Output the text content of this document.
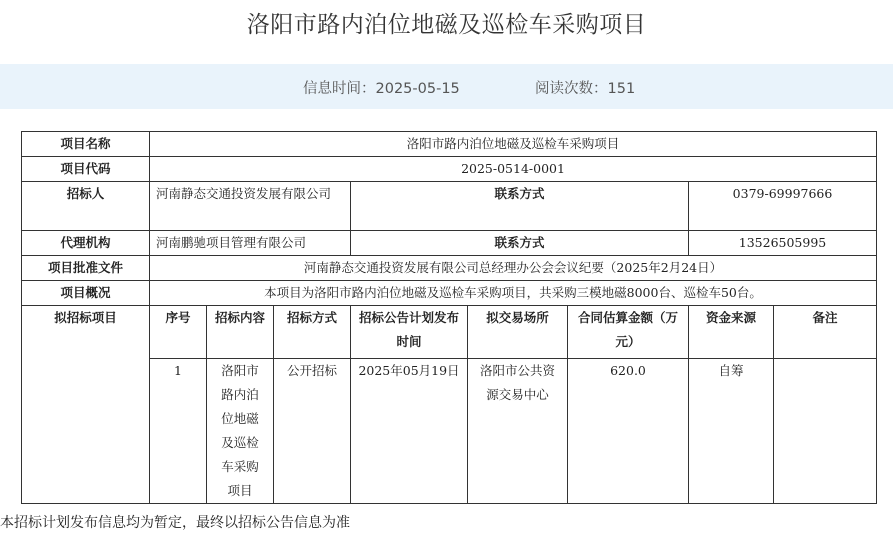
洛阳市路内泊位地磁及巡检车采购项目
信息时间：2025-05-15	阅读次数：151
项目名称	洛阳市路内泊位地磁及巡检车采购项目							
项目代码	2025-0514-0001							
招标人	河南静态交通投资发展有限公司			联系方式			0379-69997666	
代理机构	河南鹏驰项目管理有限公司			联系方式			13526505995	
项目批准文件	河南静态交通投资发展有限公司总经理办公会会议纪要（2025年2月24日）							
项目概况	本项目为洛阳市路内泊位地磁及巡检车采购项目，共采购三模地磁8000台、巡检车50台。							
拟招标项目	序号	招标内容	招标方式	招标公告计划发布时间	拟交易场所	合同估算金额（万元）	资金来源	备注
	1	洛阳市路内泊位地磁及巡检车采购项目	公开招标	2025年05月19日	洛阳市公共资源交易中心	620.0	自筹	
本招标计划发布信息均为暂定，最终以招标公告信息为准
